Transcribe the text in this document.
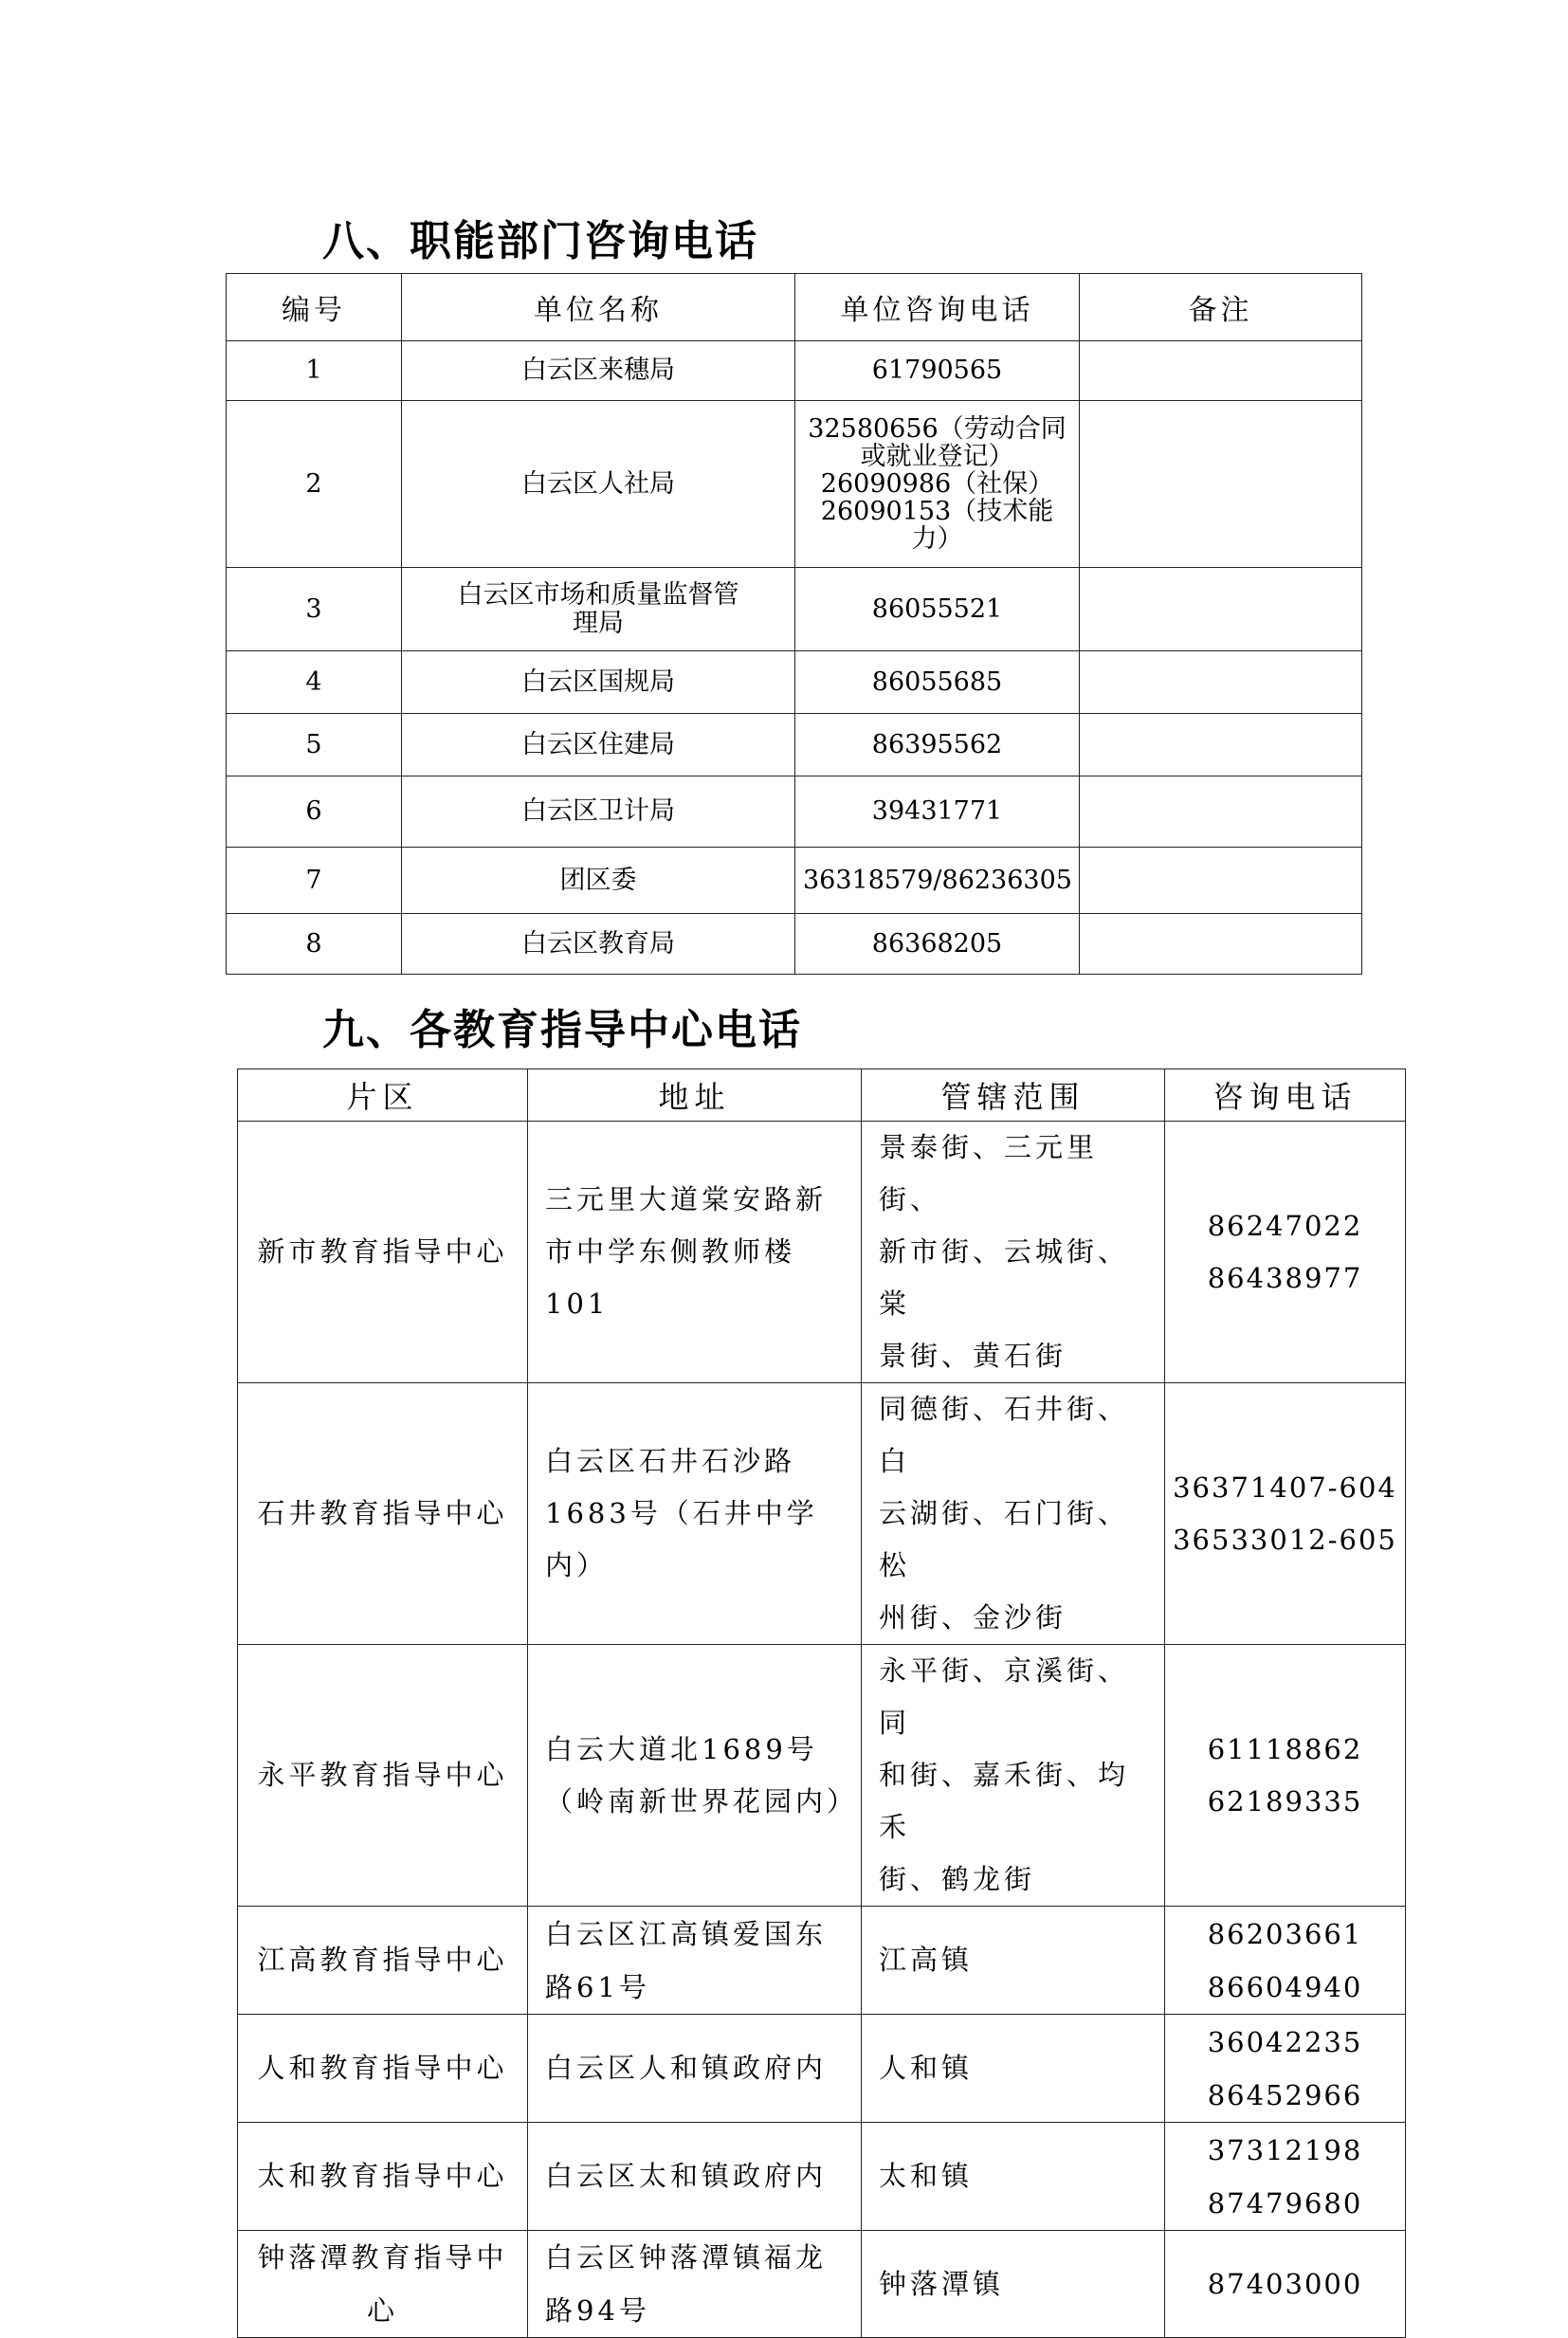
八、职能部门咨询电话
编号	单位名称	单位咨询电话	备注
1	白云区来穗局	61790565	

2	白云区人社局	32580656（劳动合同
或就业登记）
26090986（社保）
26090153（技术能力）	

3	白云区市场和质量监督管
理局	86055521	

4	白云区国规局	86055685	

5	白云区住建局	86395562	

6	白云区卫计局	39431771	

7	团区委	36318579/86236305	

8	白云区教育局	86368205	

九、各教育指导中心电话
片区	地址	管辖范围	咨询电话

新市教育指导中心	三元里大道棠安路新
市中学东侧教师楼
101	景泰街、三元里街、
新市街、云城街、棠
景街、黄石街	86247022
86438977

石井教育指导中心	白云区石井石沙路
1683号（石井中学内）	同德街、石井街、白
云湖街、石门街、松
州街、金沙街	36371407-604
36533012-605

永平教育指导中心	白云大道北1689号
（岭南新世界花园内）	永平街、京溪街、同
和街、嘉禾街、均禾
街、鹤龙街	61118862
62189335

江高教育指导中心	白云区江高镇爱国东
路61号	江高镇	86203661
86604940

人和教育指导中心	白云区人和镇政府内	人和镇	36042235
86452966

太和教育指导中心	白云区太和镇政府内	太和镇	37312198
87479680

钟落潭教育指导中
心	白云区钟落潭镇福龙
路94号	钟落潭镇	87403000
